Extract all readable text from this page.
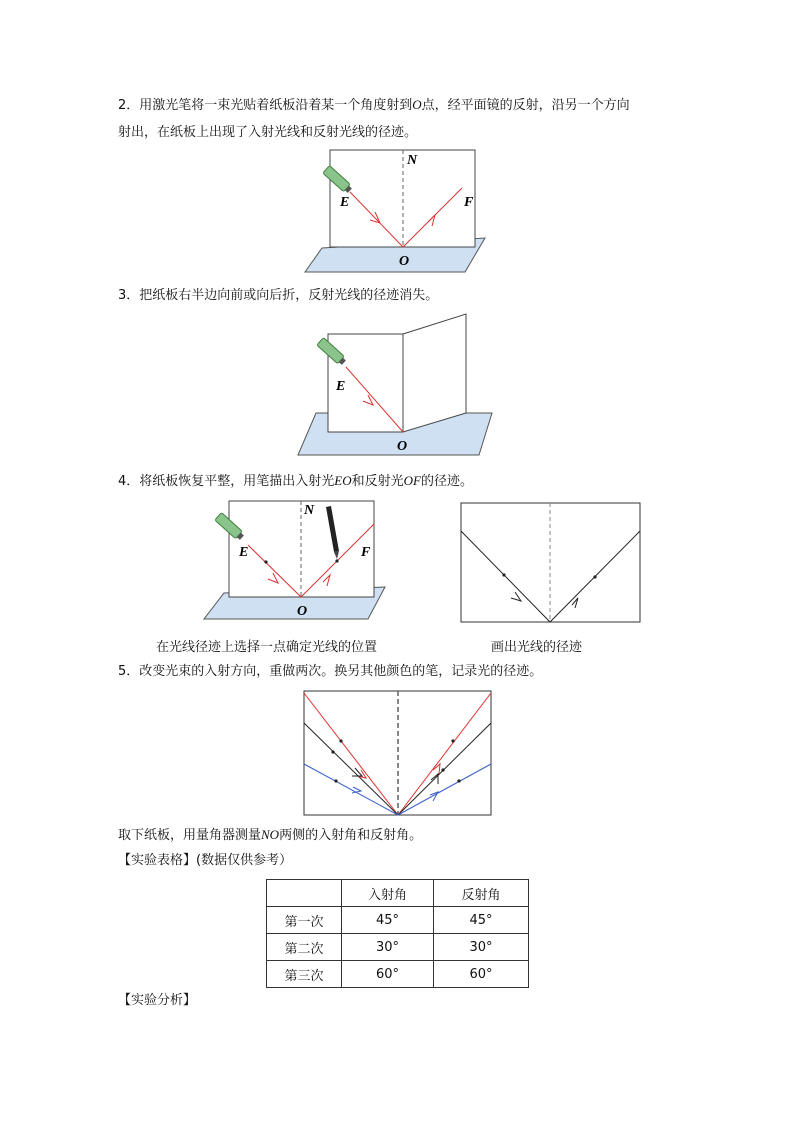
2．用激光笔将一束光贴着纸板沿着某一个角度射到O点，经平面镜的反射，沿另一个方向
射出，在纸板上出现了入射光线和反射光线的径迹。
E	F
N
O
3．把纸板右半边向前或向后折，反射光线的径迹消失。
E
O
4．将纸板恢复平整，用笔描出入射光EO和反射光OF的径迹。
E	F
N
O
在光线径迹上选择一点确定光线的位置	画出光线的径迹
5．改变光束的入射方向，重做两次。换另其他颜色的笔，记录光的径迹。
取下纸板，用量角器测量NO两侧的入射角和反射角。
【实验表格】(数据仅供参考）
	入射角	反射角
第一次	45°	45°
第二次	30°	30°
第三次	60°	60°
【实验分析】
